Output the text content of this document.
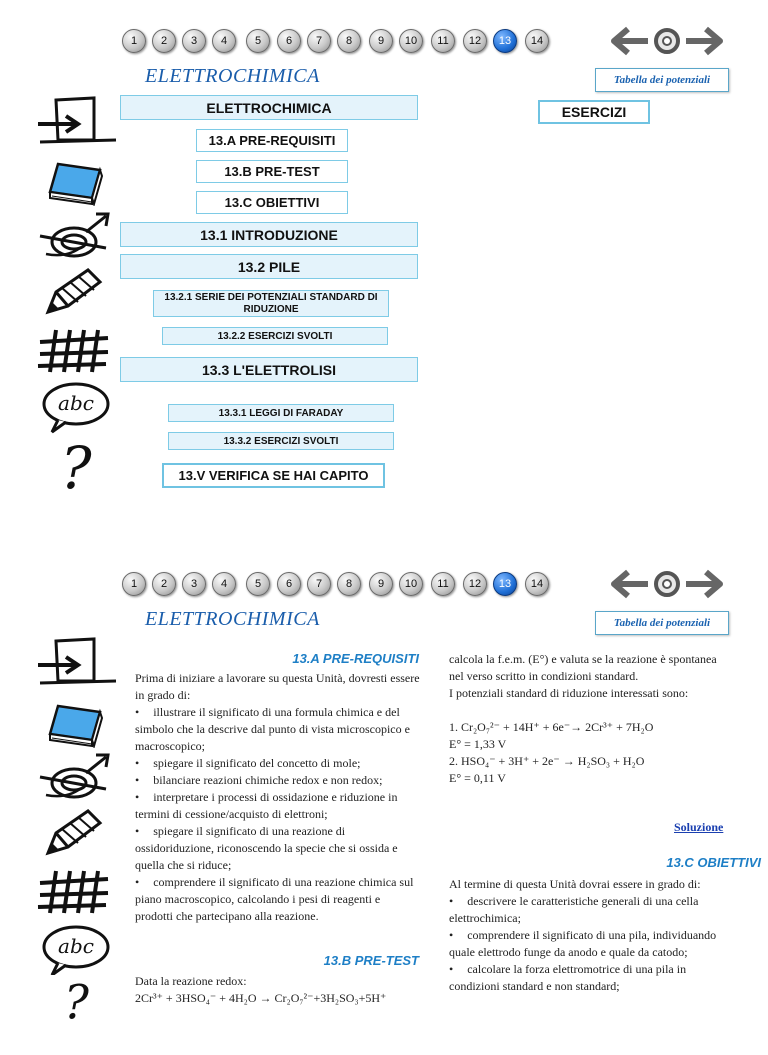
1	2	3	4	5	6	7	8	9	10	11	12	13	14
ELETTROCHIMICA	Tabella dei potenziali
ELETTROCHIMICA	ESERCIZI
13.A PRE-REQUISITI
13.B PRE-TEST
13.C OBIETTIVI
13.1 INTRODUZIONE
13.2 PILE
13.2.1 SERIE DEI POTENZIALI STANDARD DI RIDUZIONE
13.2.2 ESERCIZI SVOLTI
13.3 L'ELETTROLISI
13.3.1 LEGGI DI FARADAY
13.3.2 ESERCIZI SVOLTI
13.V VERIFICA SE HAI CAPITO
1	2	3	4	5	6	7	8	9	10	11	12	13	14
ELETTROCHIMICA	Tabella dei potenziali
13.A PRE-REQUISITI

Prima di iniziare a lavorare su questa Unità, dovresti essere in grado di:

• illustrare il significato di una formula chimica e del simbolo che la descrive dal punto di vista microscopico e macroscopico;

• spiegare il significato del concetto di mole;

• bilanciare reazioni chimiche redox e non redox;

• interpretare i processi di ossidazione e riduzione in termini di cessione/acquisto di elettroni;

• spiegare il significato di una reazione di ossidoriduzione, riconoscendo la specie che si ossida e quella che si riduce;

• comprendere il significato di una reazione chimica sul piano macroscopico, calcolando i pesi di reagenti e prodotti che partecipano alla reazione.

13.B PRE-TEST

Data la reazione redox:

2Cr³⁺ + 3HSO₄⁻ + 4H₂O → Cr₂O₇²⁻+3H₂SO₃+5H⁺

calcola la f.e.m. (E°) e valuta se la reazione è spontanea nel verso scritto in condizioni standard.

I potenziali standard di riduzione interessati sono:

1. Cr₂O₇²⁻ + 14H⁺ + 6e⁻→ 2Cr³⁺ + 7H₂O

E° = 1,33 V

2. HSO₄⁻ + 3H⁺ + 2e⁻ → H₂SO₃ + H₂O

E° = 0,11 V

Soluzione
13.C OBIETTIVI

Al termine di questa Unità dovrai essere in grado di:

• descrivere le caratteristiche generali di una cella elettrochimica;

• comprendere il significato di una pila, individuando quale elettrodo funge da anodo e quale da catodo;

• calcolare la forza elettromotrice di una pila in condizioni standard e non standard;
